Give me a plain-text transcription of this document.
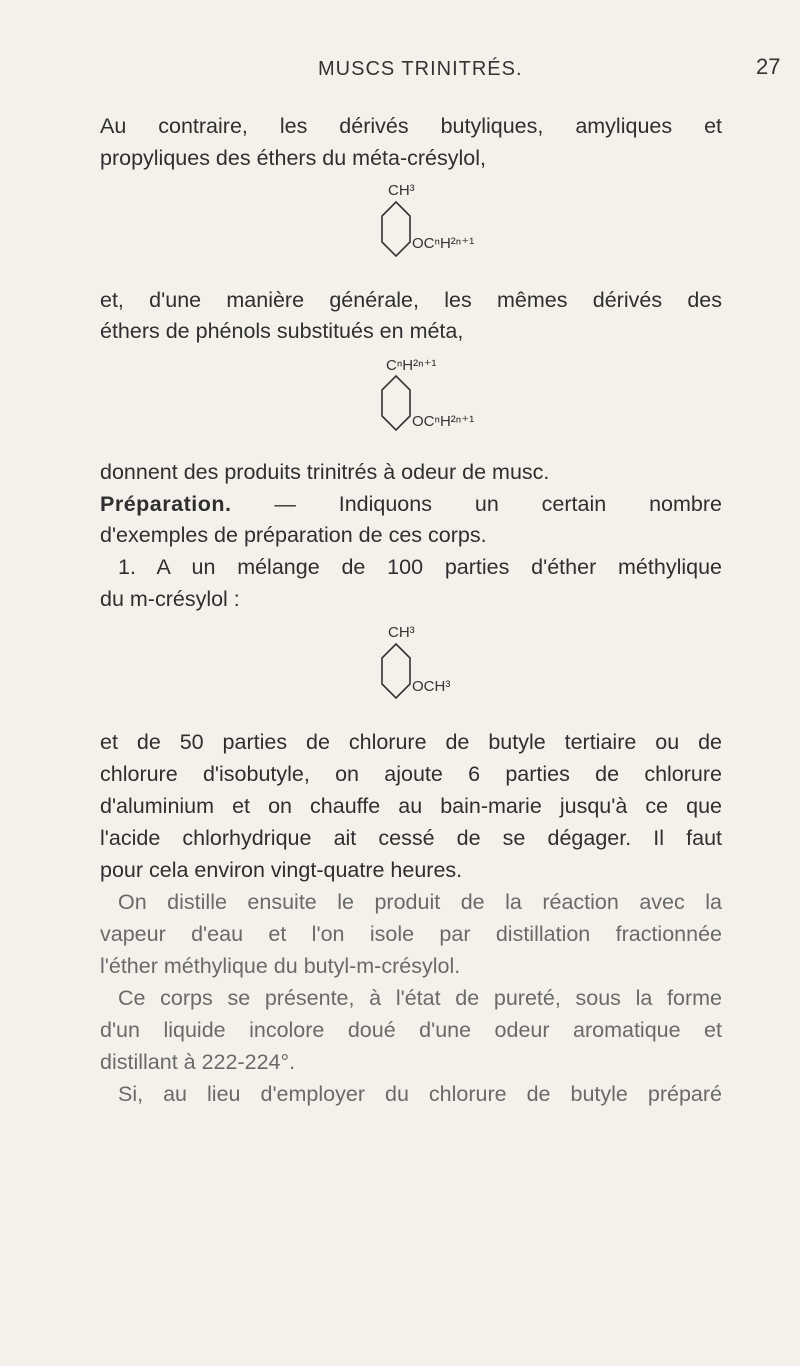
MUSCS TRINITRÉS.	27
Au contraire, les dérivés butyliques, amyliques et
propyliques des éthers du méta-crésylol,
CH³
OCⁿH²ⁿ⁺¹
et, d'une manière générale, les mêmes dérivés des
éthers de phénols substitués en méta,
CⁿH²ⁿ⁺¹
OCⁿH²ⁿ⁺¹
donnent des produits trinitrés à odeur de musc.
Préparation. — Indiquons un certain nombre
d'exemples de préparation de ces corps.
1. A un mélange de 100 parties d'éther méthylique
du m-crésylol :
CH³
OCH³
et de 50 parties de chlorure de butyle tertiaire ou de
chlorure d'isobutyle, on ajoute 6 parties de chlorure
d'aluminium et on chauffe au bain-marie jusqu'à ce que
l'acide chlorhydrique ait cessé de se dégager. Il faut
pour cela environ vingt-quatre heures.
On distille ensuite le produit de la réaction avec la
vapeur d'eau et l'on isole par distillation fractionnée
l'éther méthylique du butyl-m-crésylol.
Ce corps se présente, à l'état de pureté, sous la forme
d'un liquide incolore doué d'une odeur aromatique et
distillant à 222-224°.
Si, au lieu d'employer du chlorure de butyle préparé
